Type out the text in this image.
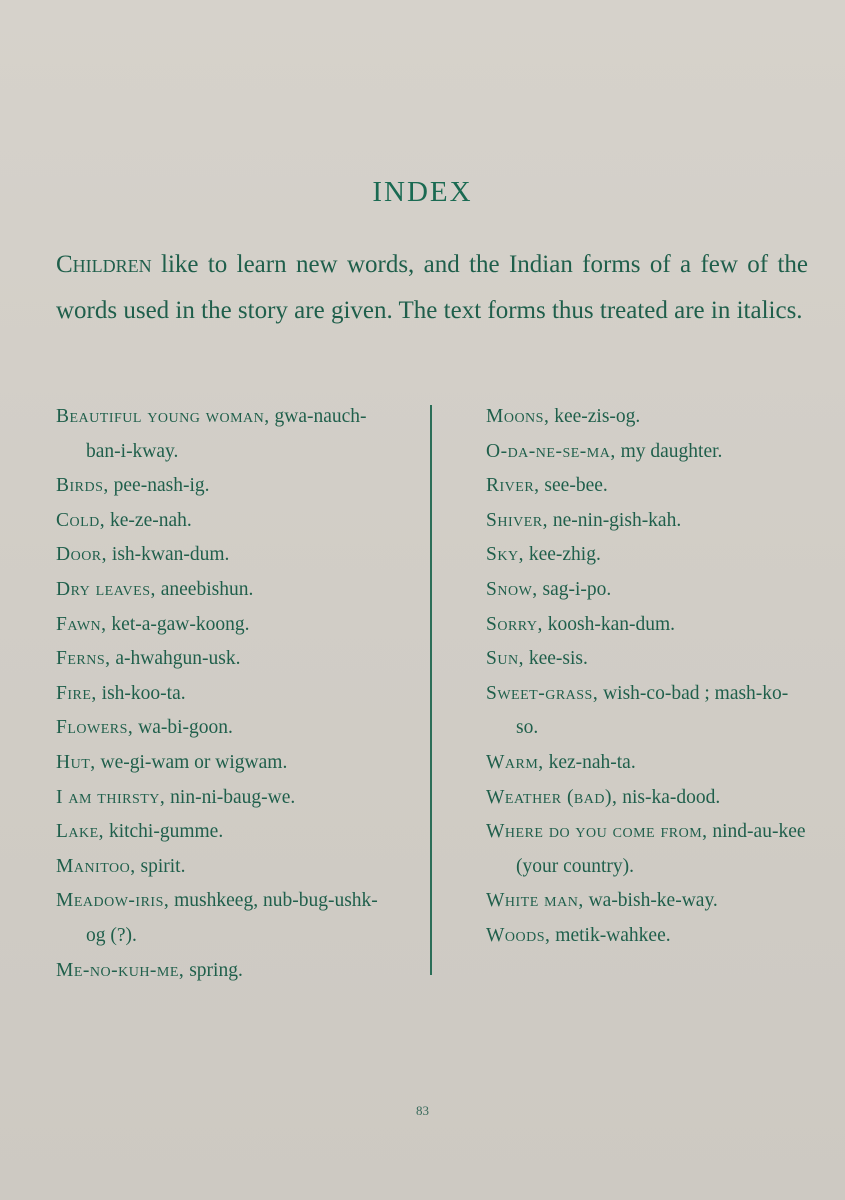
INDEX
Children like to learn new words, and the Indian forms of a few of the words used in the story are given. The text forms thus treated are in italics.
Beautiful young woman, gwa-nauch-ban-i-kway.
Birds, pee-nash-ig.
Cold, ke-ze-nah.
Door, ish-kwan-dum.
Dry leaves, aneebishun.
Fawn, ket-a-gaw-koong.
Ferns, a-hwahgun-usk.
Fire, ish-koo-ta.
Flowers, wa-bi-goon.
Hut, we-gi-wam or wigwam.
I am thirsty, nin-ni-baug-we.
Lake, kitchi-gumme.
Manitoo, spirit.
Meadow-iris, mushkeeg, nub-bug-ushk-og (?).
Me-no-kuh-me, spring.
Moons, kee-zis-og.
O-da-ne-se-ma, my daughter.
River, see-bee.
Shiver, ne-nin-gish-kah.
Sky, kee-zhig.
Snow, sag-i-po.
Sorry, koosh-kan-dum.
Sun, kee-sis.
Sweet-grass, wish-co-bad ; mash-ko-so.
Warm, kez-nah-ta.
Weather (bad), nis-ka-dood.
Where do you come from, nind-au-kee (your country).
White man, wa-bish-ke-way.
Woods, metik-wahkee.
83
